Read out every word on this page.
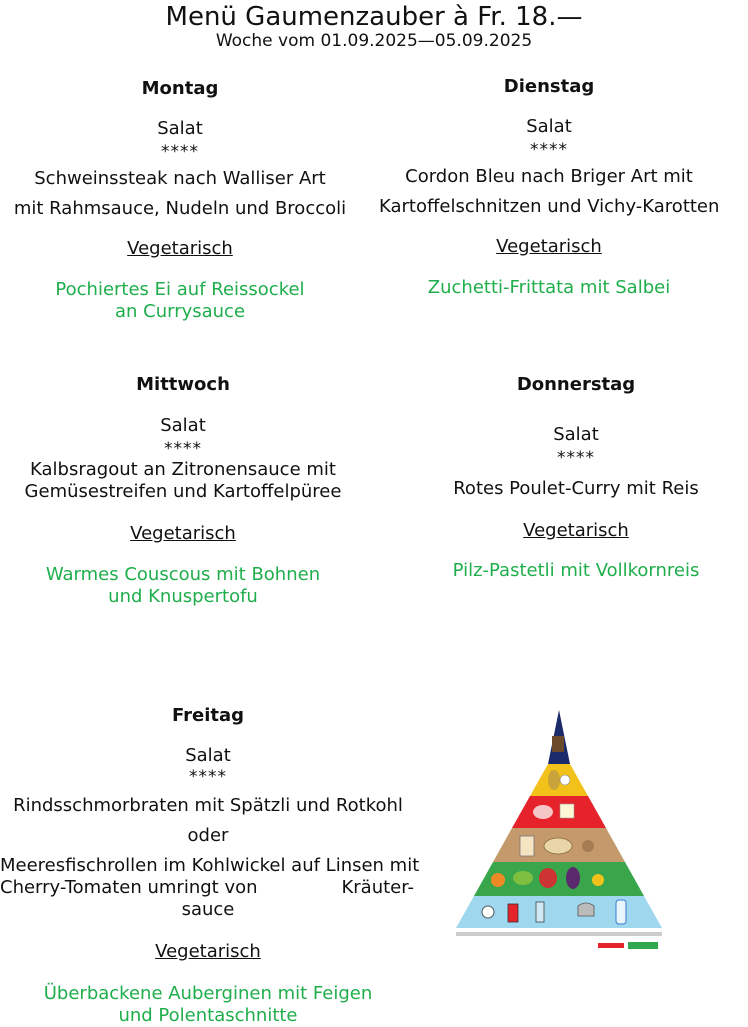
Menü Gaumenzauber à Fr. 18.—
Woche vom 01.09.2025—05.09.2025
Montag
Salat
****
Schweinssteak nach Walliser Art
mit Rahmsauce, Nudeln und Broccoli
Vegetarisch
Pochiertes Ei auf Reissockel
an Currysauce
Dienstag
Salat
****
Cordon Bleu nach Briger Art mit
Kartoffelschnitzen und Vichy-Karotten
Vegetarisch
Zuchetti-Frittata mit Salbei
Mittwoch
Salat
****
Kalbsragout an Zitronensauce mit
Gemüsestreifen und Kartoffelpüree
Vegetarisch
Warmes Couscous mit Bohnen
und Knuspertofu
Donnerstag
Salat
****
Rotes Poulet-Curry mit Reis
Vegetarisch
Pilz-Pastetli mit Vollkornreis
Freitag
Salat
****
Rindsschmorbraten mit Spätzli und Rotkohl
oder
Meeresfischrollen im Kohlwickel auf Linsen mit
Cherry-Tomaten umringt von	Kräuter-
sauce
Vegetarisch
Überbackene Auberginen mit Feigen
und Polentaschnitte
